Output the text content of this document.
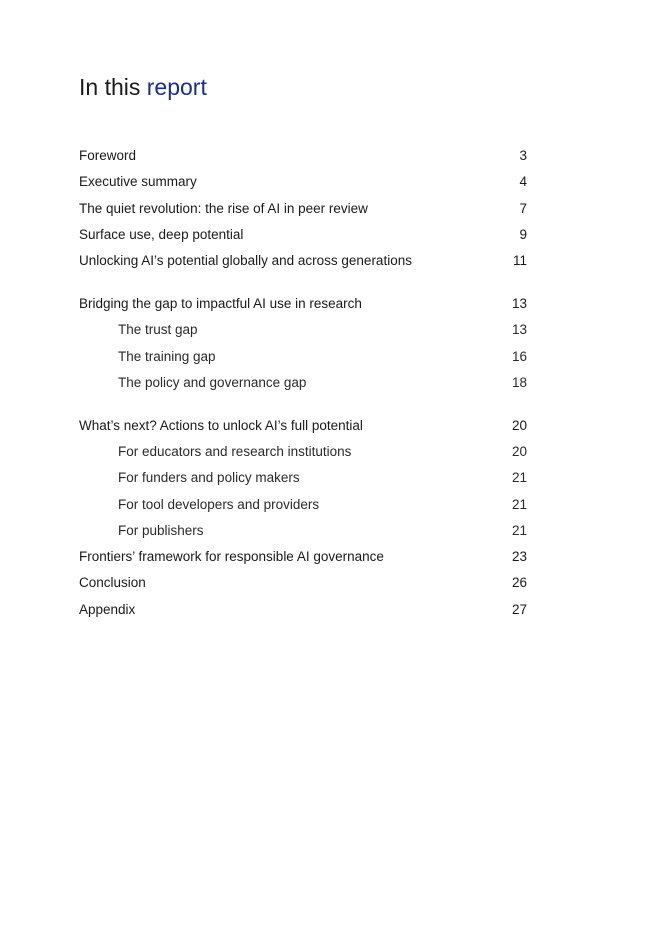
In this report
Foreword	3
Executive summary	4
The quiet revolution: the rise of AI in peer review	7
Surface use, deep potential	9
Unlocking AI’s potential globally and across generations	11
Bridging the gap to impactful AI use in research	13
The trust gap	13
The training gap	16
The policy and governance gap	18
What’s next? Actions to unlock AI’s full potential	20
For educators and research institutions	20
For funders and policy makers	21
For tool developers and providers	21
For publishers	21
Frontiers’ framework for responsible AI governance	23
Conclusion	26
Appendix	27
